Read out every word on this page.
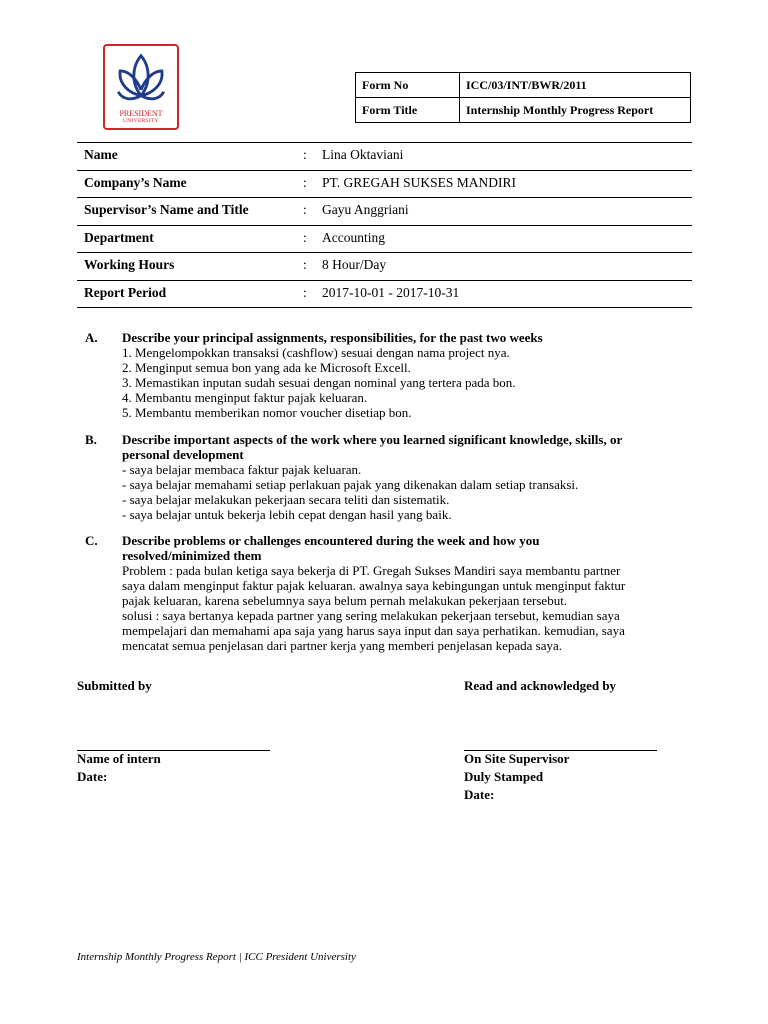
PRESIDENT
UNIVERSITY
Form No	ICC/03/INT/BWR/2011
Form Title	Internship Monthly Progress Report
Name	: Lina Oktaviani
Company’s Name	: PT. GREGAH SUKSES MANDIRI
Supervisor’s Name and Title	: Gayu Anggriani
Department	: Accounting
Working Hours	: 8 Hour/Day
Report Period	: 2017-10-01 - 2017-10-31
A. Describe your principal assignments, responsibilities, for the past two weeks
1. Mengelompokkan transaksi (cashflow) sesuai dengan nama project nya.
2. Menginput semua bon yang ada ke Microsoft Excell.
3. Memastikan inputan sudah sesuai dengan nominal yang tertera pada bon.
4. Membantu menginput faktur pajak keluaran.
5. Membantu memberikan nomor voucher disetiap bon.
B. Describe important aspects of the work where you learned significant knowledge, skills, or
personal development
- saya belajar membaca faktur pajak keluaran.
- saya belajar memahami setiap perlakuan pajak yang dikenakan dalam setiap transaksi.
- saya belajar melakukan pekerjaan secara teliti dan sistematik.
- saya belajar untuk bekerja lebih cepat dengan hasil yang baik.
C. Describe problems or challenges encountered during the week and how you
resolved/minimized them
Problem : pada bulan ketiga saya bekerja di PT. Gregah Sukses Mandiri saya membantu partner
saya dalam menginput faktur pajak keluaran. awalnya saya kebingungan untuk menginput faktur
pajak keluaran, karena sebelumnya saya belum pernah melakukan pekerjaan tersebut.
solusi : saya bertanya kepada partner yang sering melakukan pekerjaan tersebut, kemudian saya
mempelajari dan memahami apa saja yang harus saya input dan saya perhatikan. kemudian, saya
mencatat semua penjelasan dari partner kerja yang memberi penjelasan kepada saya.
Submitted by	Read and acknowledged by
Name of intern
Date:
On Site Supervisor
Duly Stamped
Date:
Internship Monthly Progress Report | ICC President University
